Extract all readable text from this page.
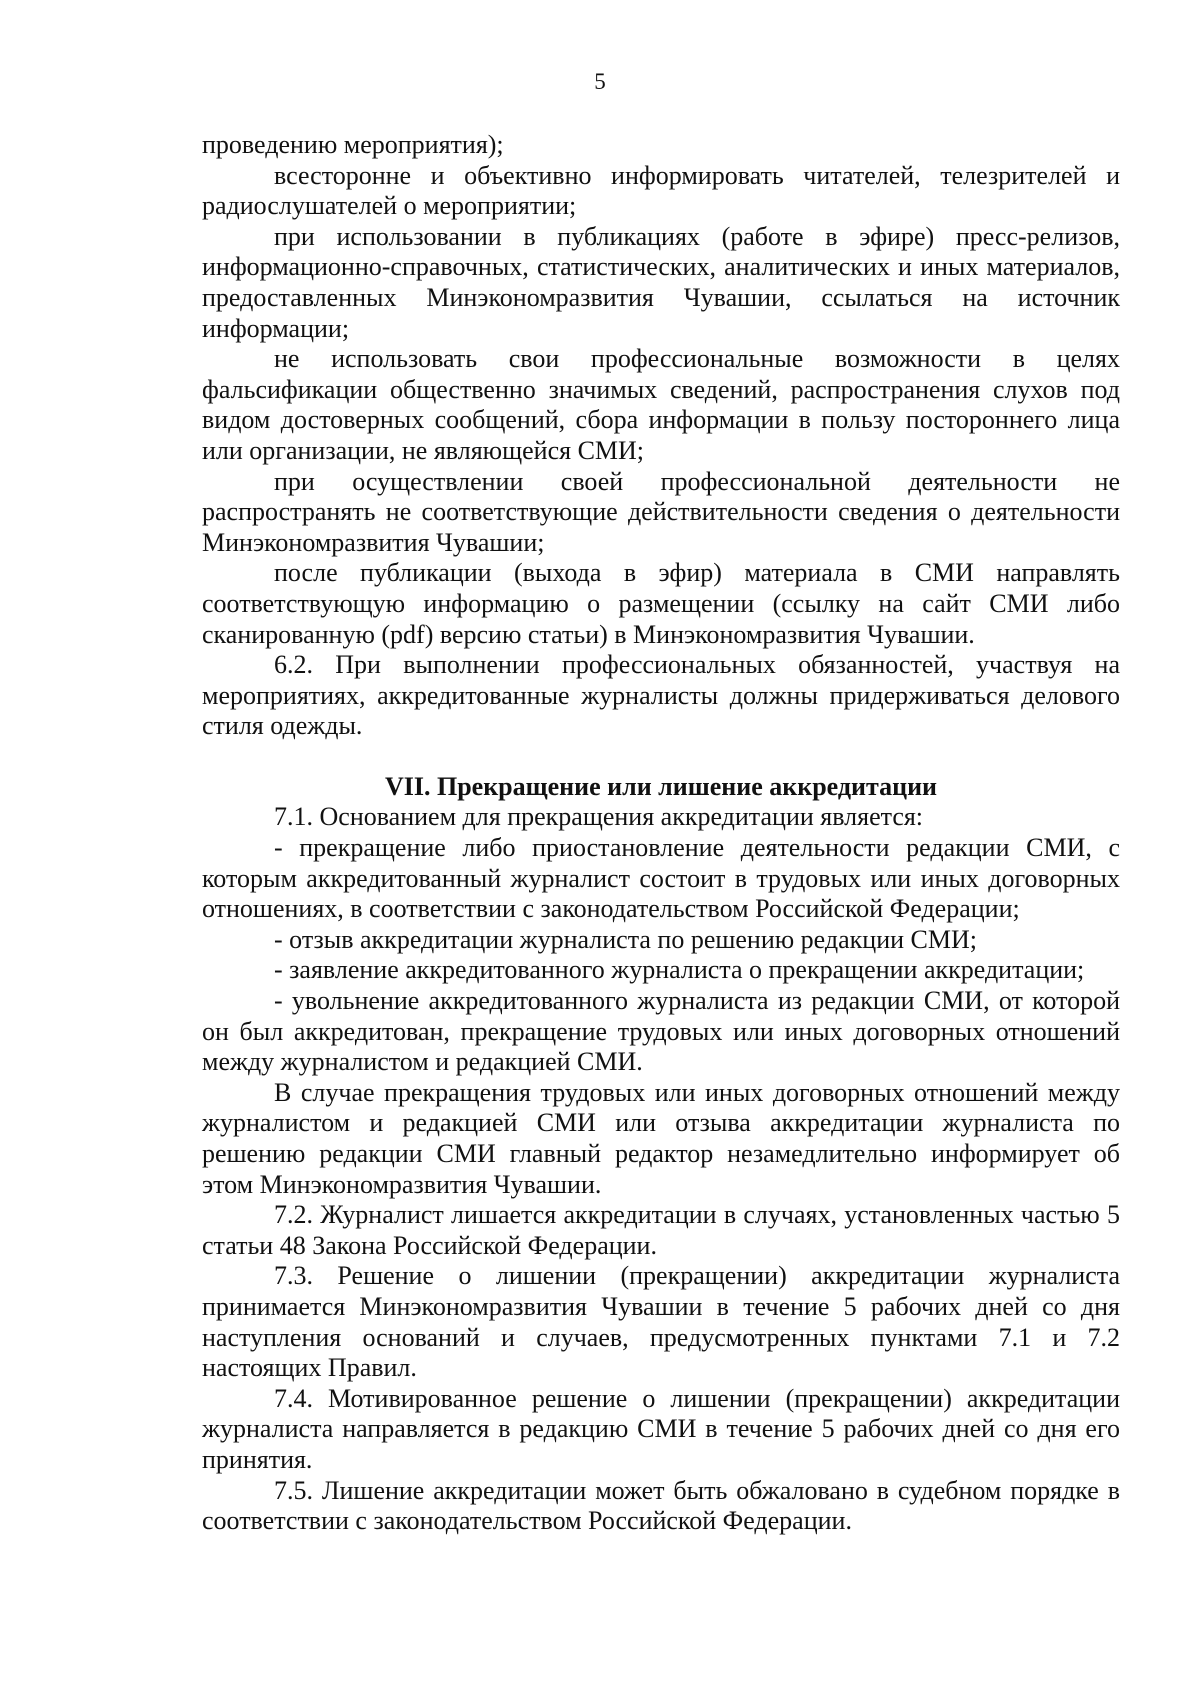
5

проведению мероприятия);

всесторонне и объективно информировать читателей, телезрителей и радиослушателей о мероприятии;

при использовании в публикациях (работе в эфире) пресс-релизов, информационно-справочных, статистических, аналитических и иных материалов, предоставленных Минэкономразвития Чувашии, ссылаться на источник информации;

не использовать свои профессиональные возможности в целях фальсификации общественно значимых сведений, распространения слухов под видом достоверных сообщений, сбора информации в пользу постороннего лица или организации, не являющейся СМИ;

при осуществлении своей профессиональной деятельности не распространять не соответствующие действительности сведения о деятельности Минэкономразвития Чувашии;

после публикации (выхода в эфир) материала в СМИ направлять соответствующую информацию о размещении (ссылку на сайт СМИ либо сканированную (pdf) версию статьи) в Минэкономразвития Чувашии.

6.2. При выполнении профессиональных обязанностей, участвуя на мероприятиях, аккредитованные журналисты должны придерживаться делового стиля одежды.

VII. Прекращение или лишение аккредитации

7.1. Основанием для прекращения аккредитации является:

- прекращение либо приостановление деятельности редакции СМИ, с которым аккредитованный журналист состоит в трудовых или иных договорных отношениях, в соответствии с законодательством Российской Федерации;

- отзыв аккредитации журналиста по решению редакции СМИ;

- заявление аккредитованного журналиста о прекращении аккредитации;

- увольнение аккредитованного журналиста из редакции СМИ, от которой он был аккредитован, прекращение трудовых или иных договорных отношений между журналистом и редакцией СМИ.

В случае прекращения трудовых или иных договорных отношений между журналистом и редакцией СМИ или отзыва аккредитации журналиста по решению редакции СМИ главный редактор незамедлительно информирует об этом Минэкономразвития Чувашии.

7.2. Журналист лишается аккредитации в случаях, установленных частью 5 статьи 48 Закона Российской Федерации.

7.3. Решение о лишении (прекращении) аккредитации журналиста принимается Минэкономразвития Чувашии в течение 5 рабочих дней со дня наступления оснований и случаев, предусмотренных пунктами 7.1 и 7.2 настоящих Правил.

7.4. Мотивированное решение о лишении (прекращении) аккредитации журналиста направляется в редакцию СМИ в течение 5 рабочих дней со дня его принятия.

7.5. Лишение аккредитации может быть обжаловано в судебном порядке в соответствии с законодательством Российской Федерации.
